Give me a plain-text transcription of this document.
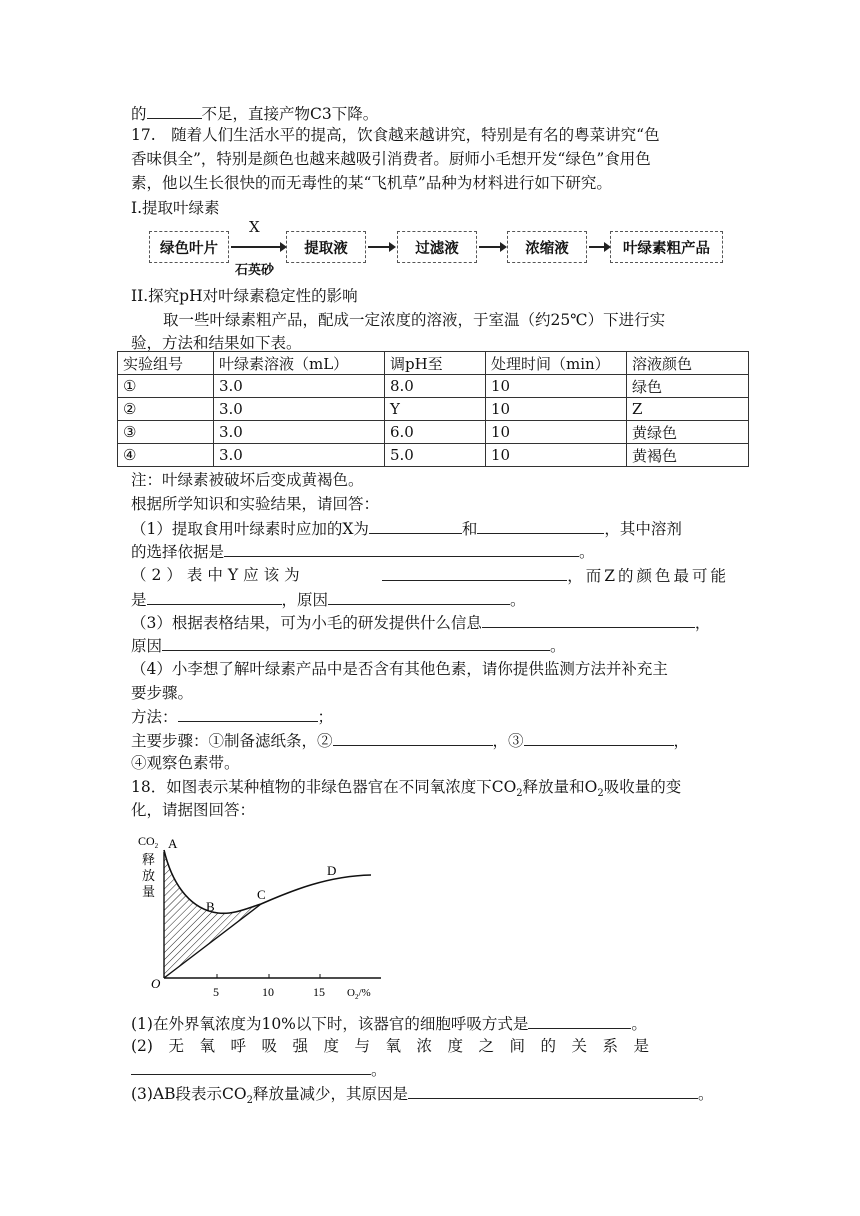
的	不足，直接产物C3下降。
17.　随着人们生活水平的提高，饮食越来越讲究，特别是有名的粤菜讲究“色
香味俱全”，特别是颜色也越来越吸引消费者。厨师小毛想开发“绿色”食用色
素，他以生长很快的而无毒性的某“飞机草”品种为材料进行如下研究。
I.提取叶绿素
绿色叶片
X
石英砂
提取液	过滤液	浓缩液	叶绿素粗产品
II.探究pH对叶绿素稳定性的影响
取一些叶绿素粗产品，配成一定浓度的溶液，于室温（约25℃）下进行实
验，方法和结果如下表。
实验组号	叶绿素溶液（mL）	调pH至	处理时间（min）	溶液颜色
①	3.0	8.0	10	绿色
②	3.0	Y	10	Z
③	3.0	6.0	10	黄绿色
④	3.0	5.0	10	黄褐色
注：叶绿素被破坏后变成黄褐色。
根据所学知识和实验结果，请回答：
（1）提取食用叶绿素时应加的X为	和	，其中溶剂
的选择依据是	。
（2）表中Y应该为	，而Z的颜色最可能
是	，原因	。
（3）根据表格结果，可为小毛的研发提供什么信息	，
原因	。
（4）小李想了解叶绿素产品中是否含有其他色素，请你提供监测方法并补充主
要步骤。
方法：	；
主要步骤：①制备滤纸条，②	，③	，
④观察色素带。
18．如图表示某种植物的非绿色器官在不同氧浓度下$CO_2$释放量和$O_2$吸收量的变
化，请据图回答：
$CO_2$
释
放
量
A
B
C
D
O
5	10	15 $O_2/\%$
(1)在外界氧浓度为10%以下时，该器官的细胞呼吸方式是	。
(2)　无　氧　呼　吸　强　度　与　氧　浓　度　之　间　的　关　系　是
。
(3)AB段表示$CO_2$释放量减少，其原因是	。
